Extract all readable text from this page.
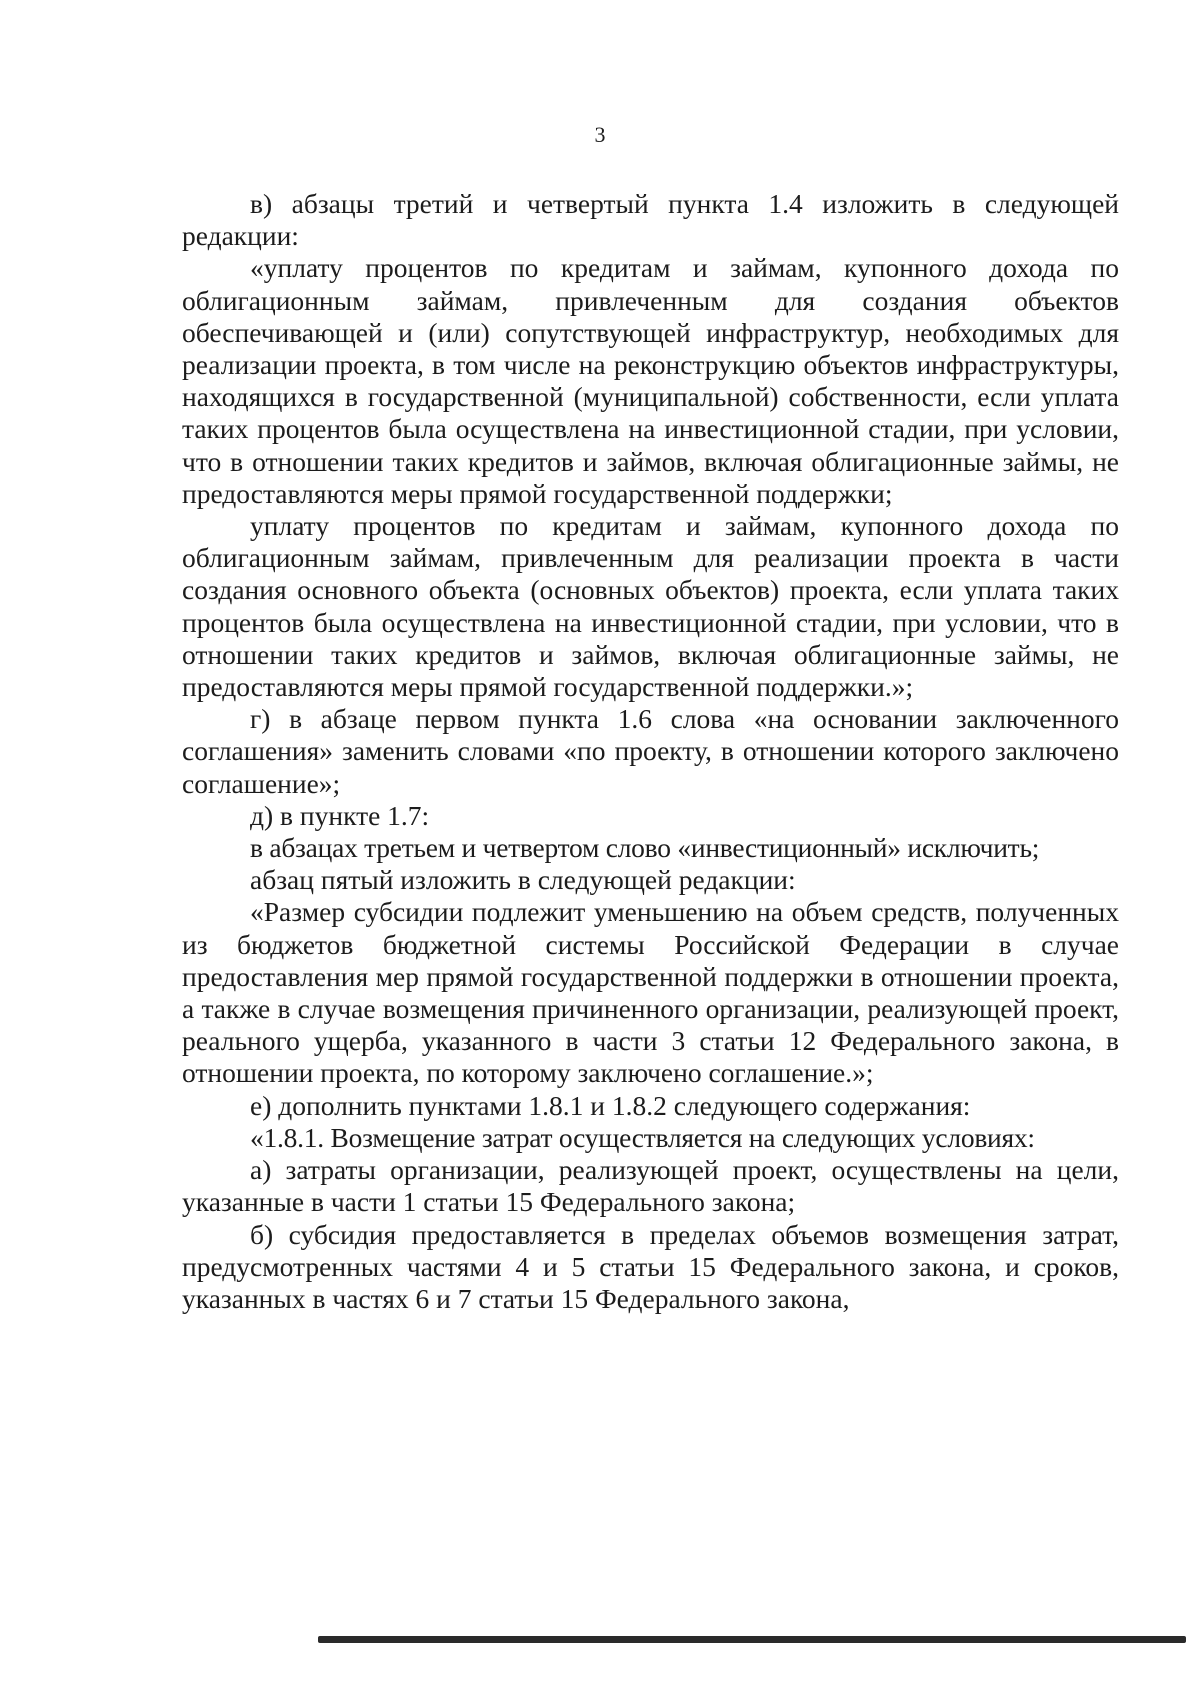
3

в) абзацы третий и четвертый пункта 1.4 изложить в следующей редакции:

«уплату процентов по кредитам и займам, купонного дохода по облигационным займам, привлеченным для создания объектов обеспечивающей и (или) сопутствующей инфраструктур, необходимых для реализации проекта, в том числе на реконструкцию объектов инфраструктуры, находящихся в государственной (муниципальной) собственности, если уплата таких процентов была осуществлена на инвестиционной стадии, при условии, что в отношении таких кредитов и займов, включая облигационные займы, не предоставляются меры прямой государственной поддержки;

уплату процентов по кредитам и займам, купонного дохода по облигационным займам, привлеченным для реализации проекта в части создания основного объекта (основных объектов) проекта, если уплата таких процентов была осуществлена на инвестиционной стадии, при условии, что в отношении таких кредитов и займов, включая облигационные займы, не предоставляются меры прямой государственной поддержки.»;

г) в абзаце первом пункта 1.6 слова «на основании заключенного соглашения» заменить словами «по проекту, в отношении которого заключено соглашение»;

д) в пункте 1.7:

в абзацах третьем и четвертом слово «инвестиционный» исключить;

абзац пятый изложить в следующей редакции:

«Размер субсидии подлежит уменьшению на объем средств, полученных из бюджетов бюджетной системы Российской Федерации в случае предоставления мер прямой государственной поддержки в отношении проекта, а также в случае возмещения причиненного организации, реализующей проект, реального ущерба, указанного в части 3 статьи 12 Федерального закона, в отношении проекта, по которому заключено соглашение.»;

е) дополнить пунктами 1.8.1 и 1.8.2 следующего содержания:

«1.8.1. Возмещение затрат осуществляется на следующих условиях:

а) затраты организации, реализующей проект, осуществлены на цели, указанные в части 1 статьи 15 Федерального закона;

б) субсидия предоставляется в пределах объемов возмещения затрат, предусмотренных частями 4 и 5 статьи 15 Федерального закона, и сроков, указанных в частях 6 и 7 статьи 15 Федерального закона,
